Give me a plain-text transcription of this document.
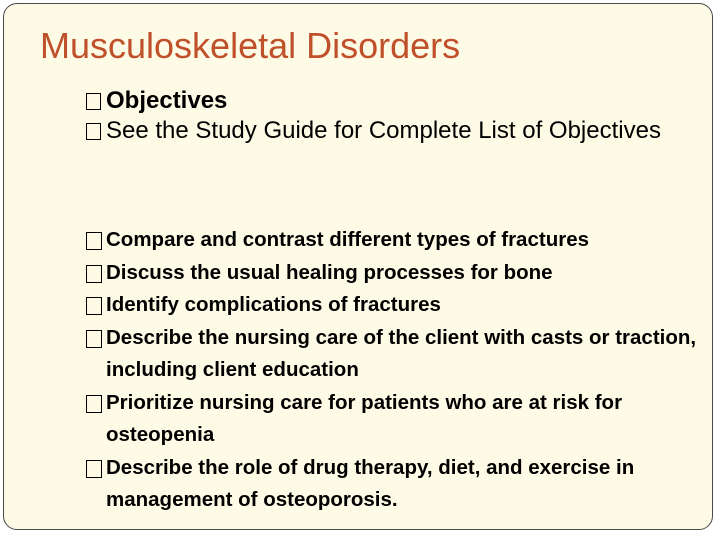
Musculoskeletal Disorders
Objectives
See the Study Guide for Complete List of Objectives
Compare and contrast different types of fractures
Discuss the usual healing processes for bone
Identify complications of fractures
Describe the nursing care of the client with casts or traction, including client education
Prioritize nursing care for patients who are at risk for osteopenia
Describe the role of drug therapy, diet, and exercise in management of osteoporosis.
